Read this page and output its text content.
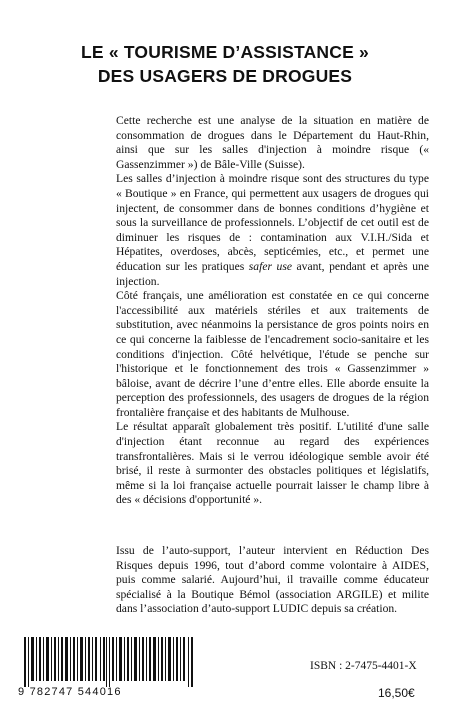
LE « TOURISME D’ASSISTANCE »
DES USAGERS DE DROGUES

Cette recherche est une analyse de la situation en matière de consommation de drogues dans le Département du Haut-Rhin, ainsi que sur les salles d'injection à moindre risque (« Gassenzimmer ») de Bâle-Ville (Suisse).

Les salles d’injection à moindre risque sont des structures du type « Boutique » en France, qui permettent aux usagers de drogues qui injectent, de consommer dans de bonnes conditions d’hygiène et sous la surveillance de professionnels. L’objectif de cet outil est de diminuer les risques de : contamination aux V.I.H./Sida et Hépatites, overdoses, abcès, septicémies, etc., et permet une éducation sur les pratiques safer use avant, pendant et après une injection.

Côté français, une amélioration est constatée en ce qui concerne l'accessibilité aux matériels stériles et aux traitements de substitution, avec néanmoins la persistance de gros points noirs en ce qui concerne la faiblesse de l'encadrement socio-sanitaire et les conditions d'injection. Côté helvétique, l'étude se penche sur l'historique et le fonctionnement des trois « Gassenzimmer » bâloise, avant de décrire l’une d’entre elles. Elle aborde ensuite la perception des professionnels, des usagers de drogues de la région frontalière française et des habitants de Mulhouse.

Le résultat apparaît globalement très positif. L'utilité d'une salle d'injection étant reconnue au regard des expériences transfrontalières. Mais si le verrou idéologique semble avoir été brisé, il reste à surmonter des obstacles politiques et législatifs, même si la loi française actuelle pourrait laisser le champ libre à des « décisions d'opportunité ».

Issu de l’auto-support, l’auteur intervient en Réduction Des Risques depuis 1996, tout d’abord comme volontaire à AIDES, puis comme salarié. Aujourd’hui, il travaille comme éducateur spécialisé à la Boutique Bémol (association ARGILE) et milite dans l’association d’auto-support LUDIC depuis sa création.

9 782747 544016
ISBN : 2-7475-4401-X
16,50€
